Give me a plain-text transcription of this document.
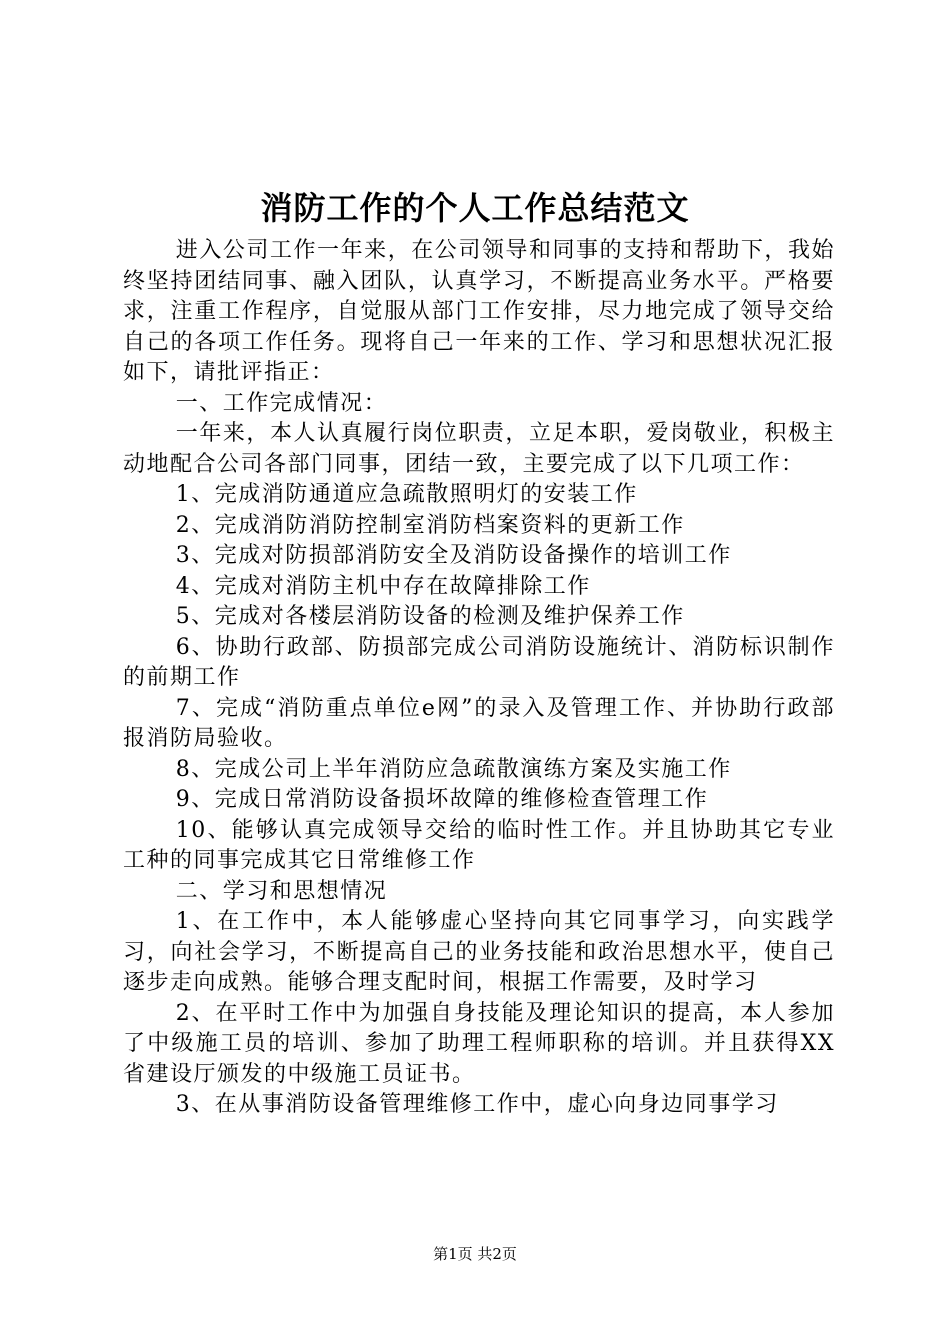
消防工作的个人工作总结范文

进入公司工作一年来，在公司领导和同事的支持和帮助下，我始终坚持团结同事、融入团队，认真学习，不断提高业务水平。严格要求，注重工作程序，自觉服从部门工作安排，尽力地完成了领导交给自己的各项工作任务。现将自己一年来的工作、学习和思想状况汇报如下，请批评指正：

一、工作完成情况：

一年来，本人认真履行岗位职责，立足本职，爱岗敬业，积极主动地配合公司各部门同事，团结一致，主要完成了以下几项工作：

1、完成消防通道应急疏散照明灯的安装工作

2、完成消防消防控制室消防档案资料的更新工作

3、完成对防损部消防安全及消防设备操作的培训工作

4、完成对消防主机中存在故障排除工作

5、完成对各楼层消防设备的检测及维护保养工作

6、协助行政部、防损部完成公司消防设施统计、消防标识制作的前期工作

7、完成“消防重点单位e网”的录入及管理工作、并协助行政部报消防局验收。

8、完成公司上半年消防应急疏散演练方案及实施工作

9、完成日常消防设备损坏故障的维修检查管理工作

10、能够认真完成领导交给的临时性工作。并且协助其它专业工种的同事完成其它日常维修工作

二、学习和思想情况

1、在工作中，本人能够虚心坚持向其它同事学习，向实践学习，向社会学习，不断提高自己的业务技能和政治思想水平，使自己逐步走向成熟。能够合理支配时间，根据工作需要，及时学习

2、在平时工作中为加强自身技能及理论知识的提高，本人参加了中级施工员的培训、参加了助理工程师职称的培训。并且获得XX省建设厅颁发的中级施工员证书。

3、在从事消防设备管理维修工作中，虚心向身边同事学习

第1页 共2页
